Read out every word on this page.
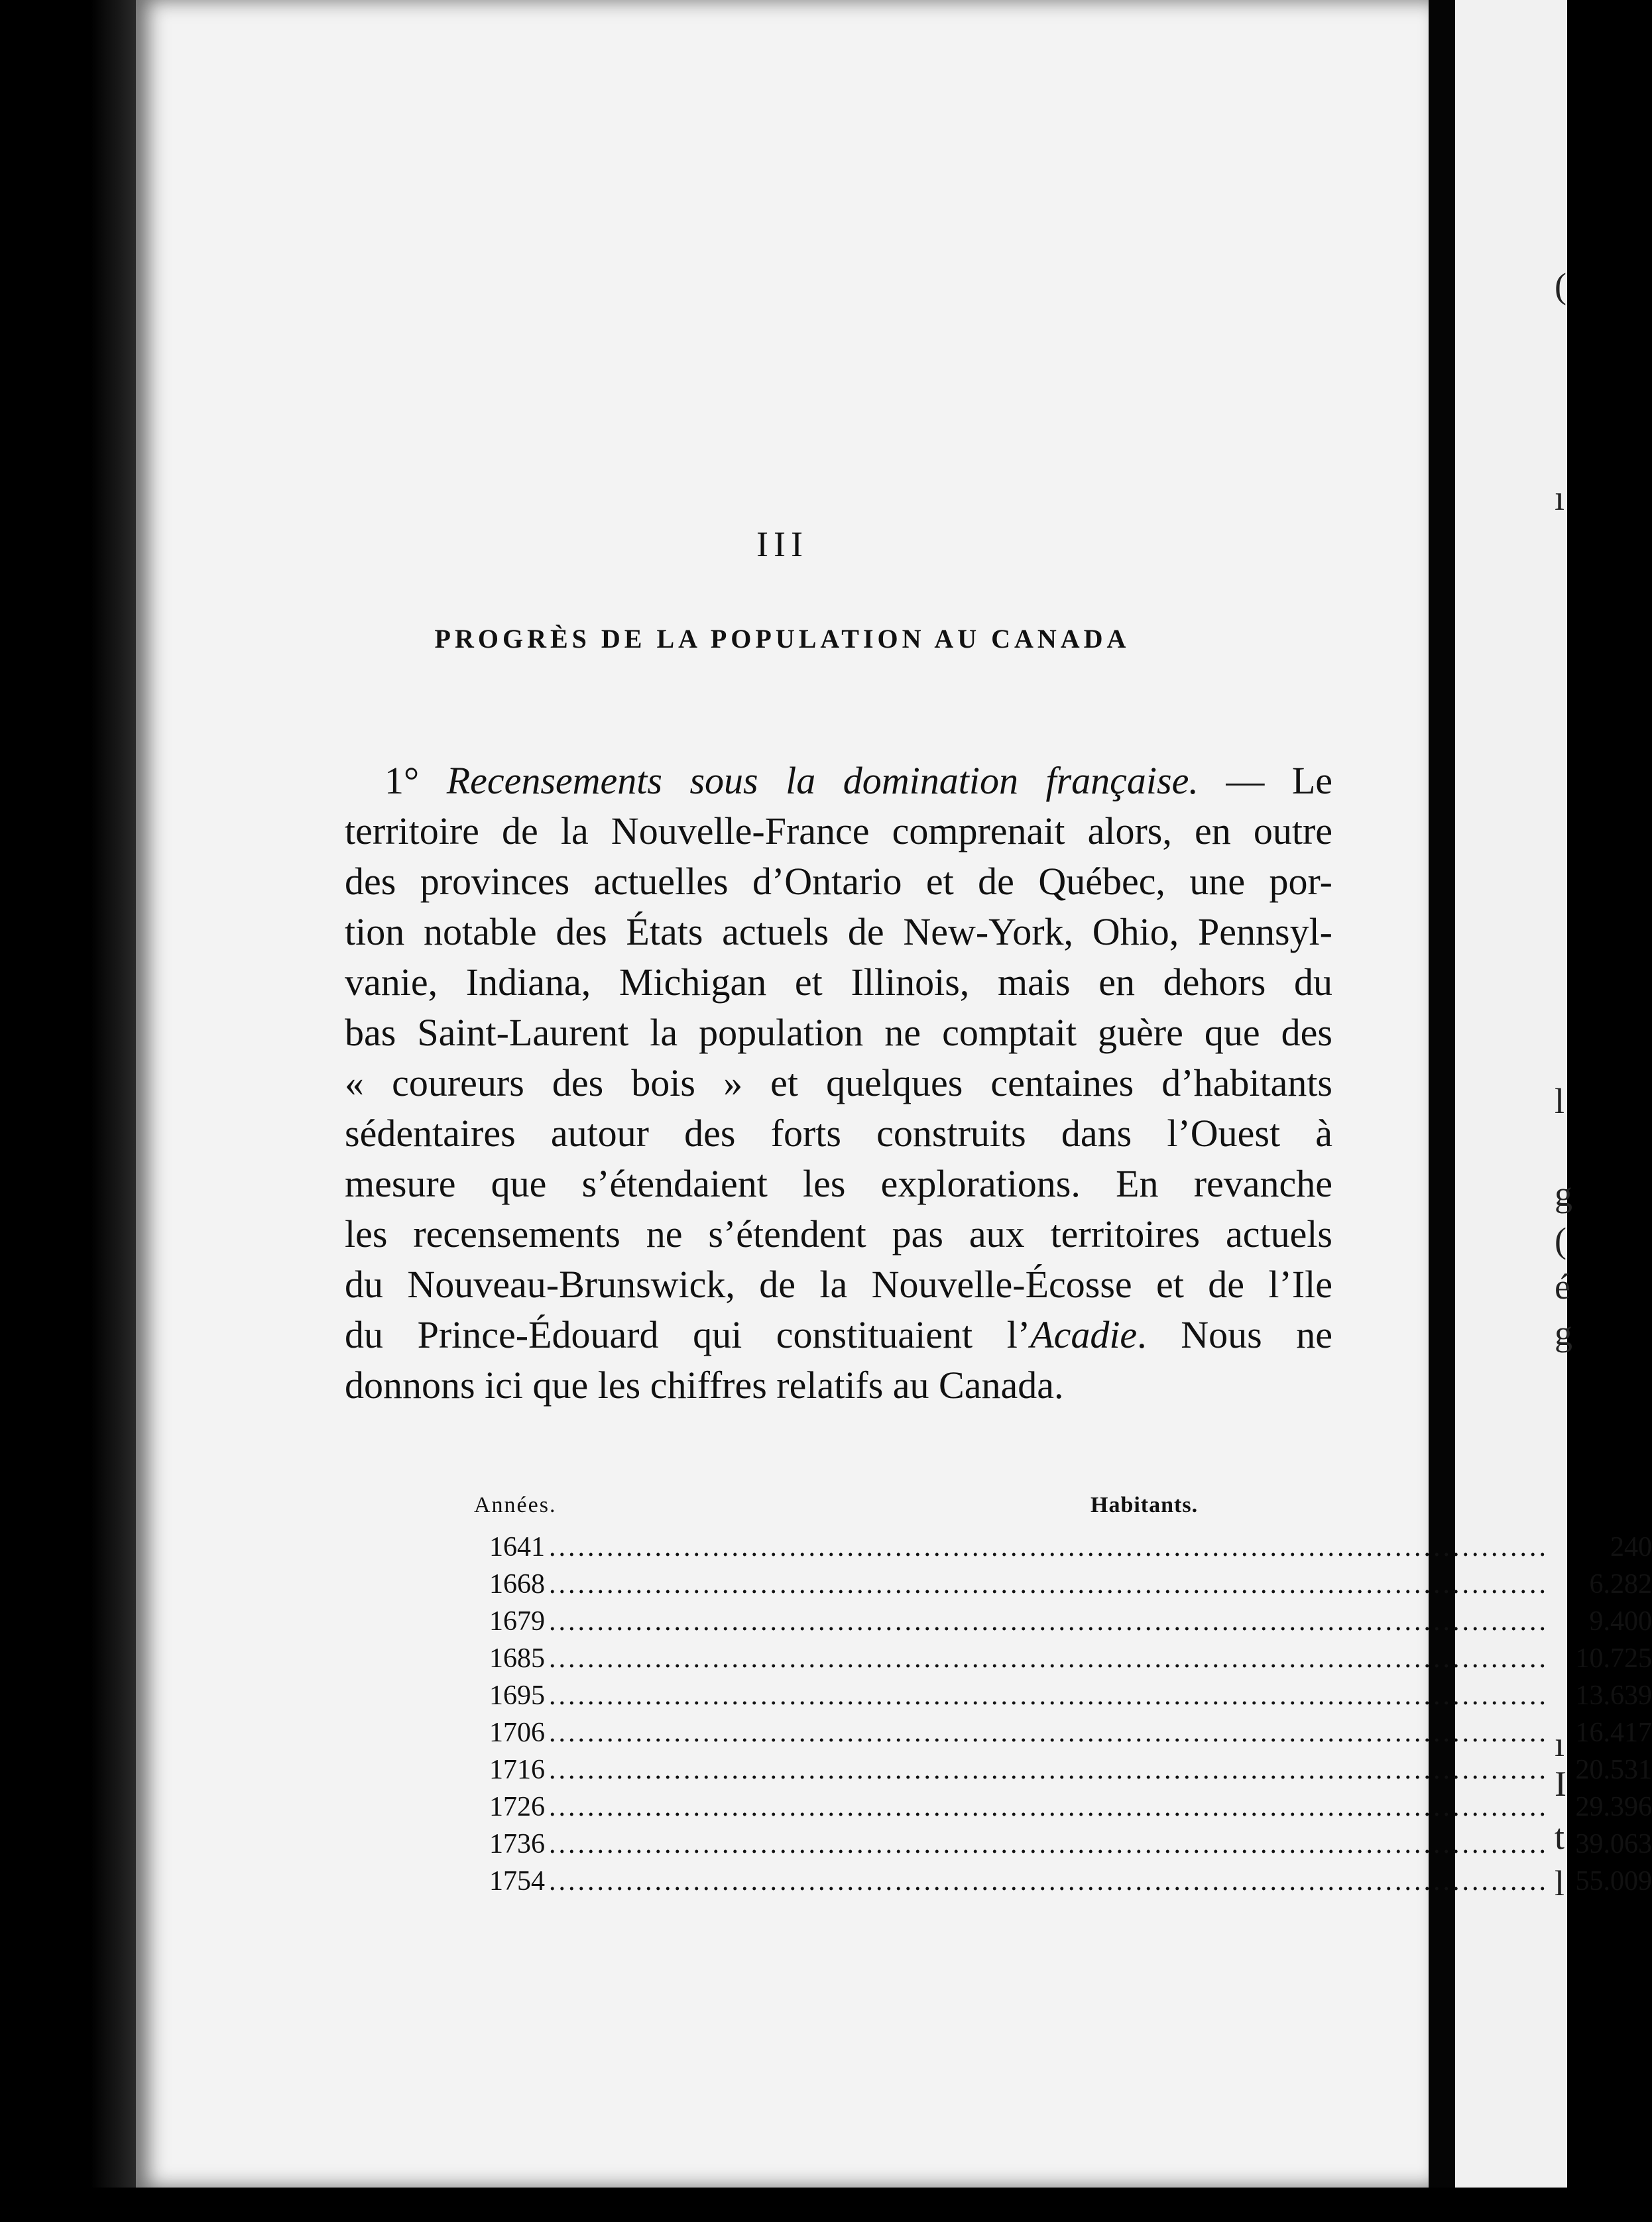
III
PROGRÈS DE LA POPULATION AU CANADA
1° Recensements sous la domination française. — Le
territoire de la Nouvelle-France comprenait alors, en outre
des provinces actuelles d’Ontario et de Québec, une por-
tion notable des États actuels de New-York, Ohio, Pennsyl-
vanie, Indiana, Michigan et Illinois, mais en dehors du
bas Saint-Laurent la population ne comptait guère que des
« coureurs des bois » et quelques centaines d’habitants
sédentaires autour des forts construits dans l’Ouest à
mesure que s’étendaient les explorations. En revanche
les recensements ne s’étendent pas aux territoires actuels
du Nouveau-Brunswick, de la Nouvelle-Écosse et de l’Ile
du Prince-Édouard qui constituaient l’Acadie. Nous ne
donnons ici que les chiffres relatifs au Canada.
Années.	Habitants.
1641 .....	240
1668 .....	6.282
1679 .....	9.400
1685 .....	10.725
1695 .....	13.639
1706 .....	16.417
1716 .....	20.531
1726 .....	29.396
1736 .....	39.063
1754 .....	55.009
(
ı
l
g
(
é
g
ı
I
t
l
